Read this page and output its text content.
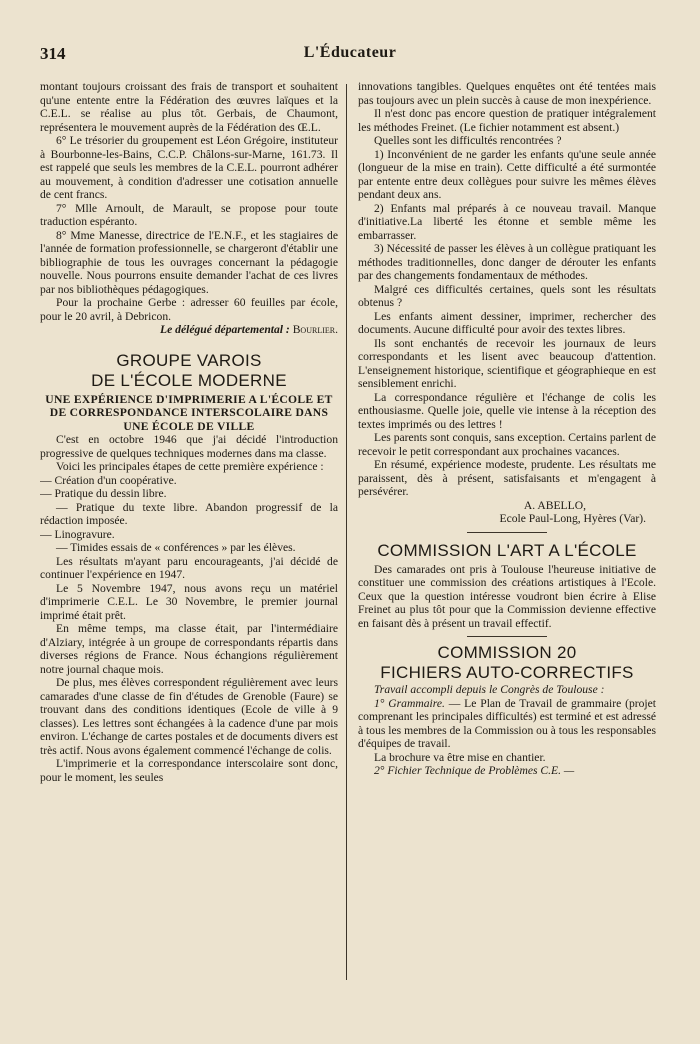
314	L'Éducateur

montant toujours croissant des frais de transport et souhaitent qu'une entente entre la Fédération des œuvres laïques et la C.E.L. se réalise au plus tôt. Gerbais, de Chaumont, représentera le mouvement auprès de la Fédération des Œ.L.

6° Le trésorier du groupement est Léon Grégoire, instituteur à Bourbonne-les-Bains, C.C.P. Châlons-sur-Marne, 161.73. Il est rappelé que seuls les membres de la C.E.L. pourront adhérer au mouvement, à condition d'adresser une cotisation annuelle de cent francs.

7° Mlle Arnoult, de Marault, se propose pour toute traduction espéranto.

8° Mme Manesse, directrice de l'E.N.F., et les stagiaires de l'année de formation professionnelle, se chargeront d'établir une bibliographie de tous les ouvrages concernant la pédagogie nouvelle. Nous pourrons ensuite demander l'achat de ces livres par nos bibliothèques pédagogiques.

Pour la prochaine Gerbe : adresser 60 feuilles par école, pour le 20 avril, à Debricon.

Le délégué départemental : Bourlier.

GROUPE VAROIS
DE L'ÉCOLE MODERNE
UNE EXPÉRIENCE D'IMPRIMERIE A L'ÉCOLE ET DE CORRESPONDANCE INTERSCOLAIRE DANS UNE ÉCOLE DE VILLE

C'est en octobre 1946 que j'ai décidé l'introduction progressive de quelques techniques modernes dans ma classe.

Voici les principales étapes de cette première expérience :

— Création d'un coopérative.

— Pratique du dessin libre.

— Pratique du texte libre. Abandon progressif de la rédaction imposée.

— Linogravure.

— Timides essais de « conférences » par les élèves.

Les résultats m'ayant paru encourageants, j'ai décidé de continuer l'expérience en 1947.

Le 5 Novembre 1947, nous avons reçu un matériel d'imprimerie C.E.L. Le 30 Novembre, le premier journal imprimé était prêt.

En même temps, ma classe était, par l'intermédiaire d'Alziary, intégrée à un groupe de correspondants répartis dans diverses régions de France. Nous échangions régulièrement notre journal chaque mois.

De plus, mes élèves correspondent régulièrement avec leurs camarades d'une classe de fin d'études de Grenoble (Faure) se trouvant dans des conditions identiques (Ecole de ville à 9 classes). Les lettres sont échangées à la cadence d'une par mois environ. L'échange de cartes postales et de documents divers est très actif. Nous avons également commencé l'échange de colis.

L'imprimerie et la correspondance interscolaire sont donc, pour le moment, les seules

innovations tangibles. Quelques enquêtes ont été tentées mais pas toujours avec un plein succès à cause de mon inexpérience.

Il n'est donc pas encore question de pratiquer intégralement les méthodes Freinet. (Le fichier notamment est absent.)

Quelles sont les difficultés rencontrées ?

1) Inconvénient de ne garder les enfants qu'une seule année (longueur de la mise en train). Cette difficulté a été surmontée par entente entre deux collègues pour suivre les mêmes élèves pendant deux ans.

2) Enfants mal préparés à ce nouveau travail. Manque d'initiative.La liberté les étonne et semble même les embarrasser.

3) Nécessité de passer les élèves à un collègue pratiquant les méthodes traditionnelles, donc danger de dérouter les enfants par des changements fondamentaux de méthodes.

Malgré ces difficultés certaines, quels sont les résultats obtenus ?

Les enfants aiment dessiner, imprimer, rechercher des documents. Aucune difficulté pour avoir des textes libres.

Ils sont enchantés de recevoir les journaux de leurs correspondants et les lisent avec beaucoup d'attention. L'enseignement historique, scientifique et géographieque en est sensiblement enrichi.

La correspondance régulière et l'échange de colis les enthousiasme. Quelle joie, quelle vie intense à la réception des textes imprimés ou des lettres !

Les parents sont conquis, sans exception. Certains parlent de recevoir le petit correspondant aux prochaines vacances.

En résumé, expérience modeste, prudente. Les résultats me paraissent, dès à présent, satisfaisants et m'engagent à persévérer.

A. ABELLO,

Ecole Paul-Long, Hyères (Var).

COMMISSION L'ART A L'ÉCOLE

Des camarades ont pris à Toulouse l'heureuse initiative de constituer une commission des créations artistiques à l'Ecole. Ceux que la question intéresse voudront bien écrire à Elise Freinet au plus tôt pour que la Commission devienne effective en faisant dès à présent un travail effectif.

COMMISSION 20
FICHIERS AUTO-CORRECTIFS

Travail accompli depuis le Congrès de Toulouse :

1° Grammaire. — Le Plan de Travail de grammaire (projet comprenant les principales difficultés) est terminé et est adressé à tous les membres de la Commission ou à tous les responsables d'équipes de travail.

La brochure va être mise en chantier.

2° Fichier Technique de Problèmes C.E. —
